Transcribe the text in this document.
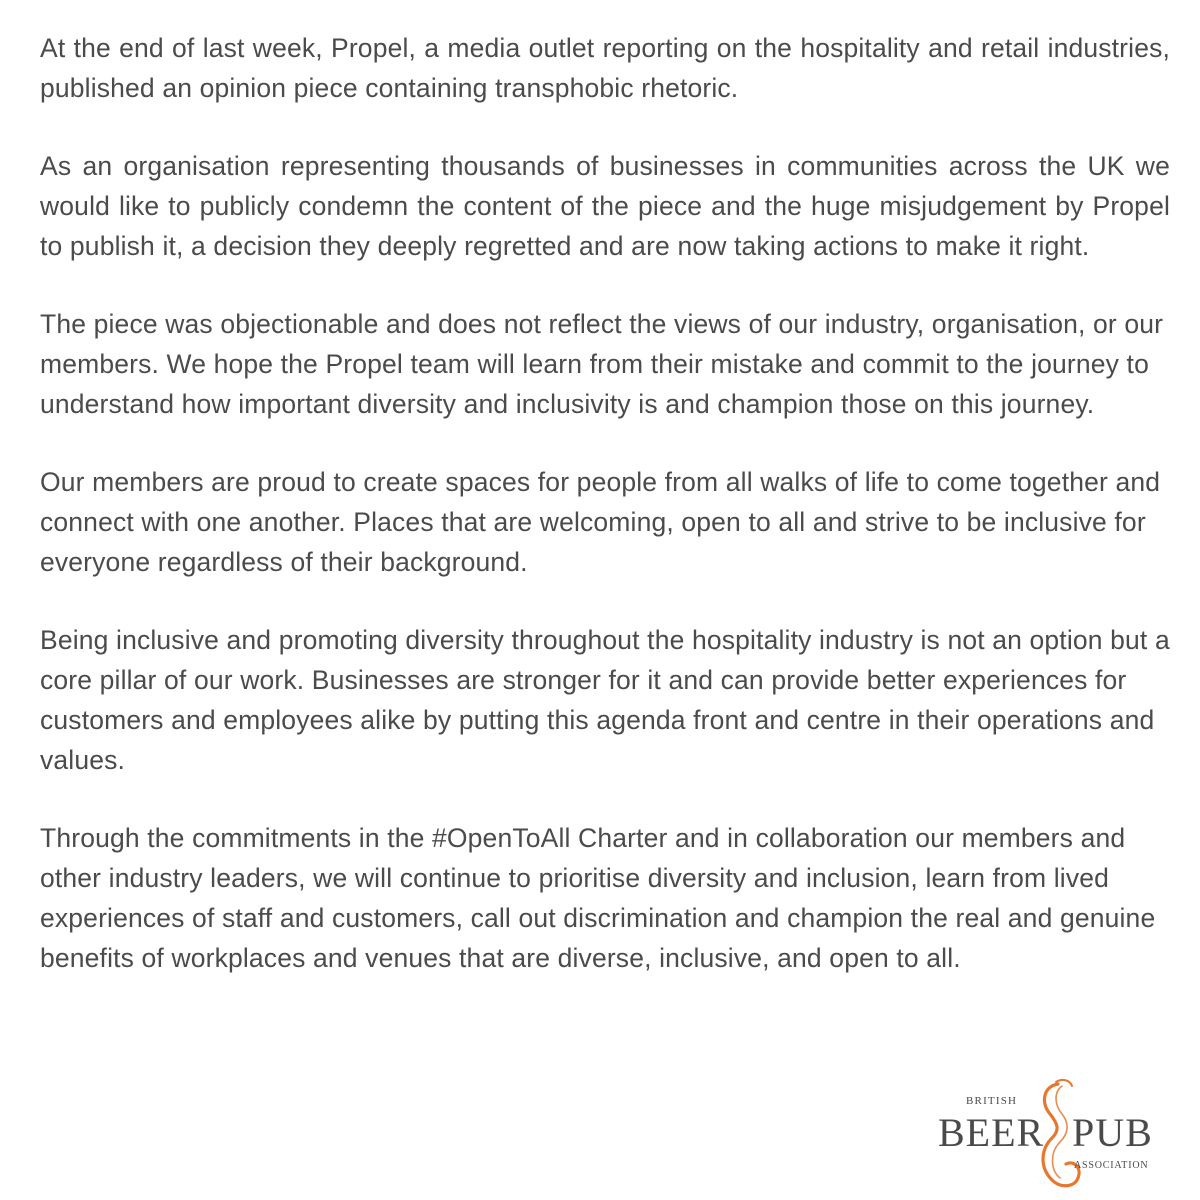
At the end of last week, Propel, a media outlet reporting on the hospitality and retail industries, published an opinion piece containing transphobic rhetoric.

As an organisation representing thousands of businesses in communities across the UK we would like to publicly condemn the content of the piece and the huge misjudgement by Propel to publish it, a decision they deeply regretted and are now taking actions to make it right.

The piece was objectionable and does not reflect the views of our industry, organisation, or our members. We hope the Propel team will learn from their mistake and commit to the journey to understand how important diversity and inclusivity is and champion those on this journey.

Our members are proud to create spaces for people from all walks of life to come together and connect with one another. Places that are welcoming, open to all and strive to be inclusive for everyone regardless of their background.

Being inclusive and promoting diversity throughout the hospitality industry is not an option but a core pillar of our work. Businesses are stronger for it and can provide better experiences for customers and employees alike by putting this agenda front and centre in their operations and values.

Through the commitments in the #OpenToAll Charter and in collaboration our members and other industry leaders, we will continue to prioritise diversity and inclusion, learn from lived experiences of staff and customers, call out discrimination and champion the real and genuine benefits of workplaces and venues that are diverse, inclusive, and open to all.

BRITISH
BEER PUB
ASSOCIATION
